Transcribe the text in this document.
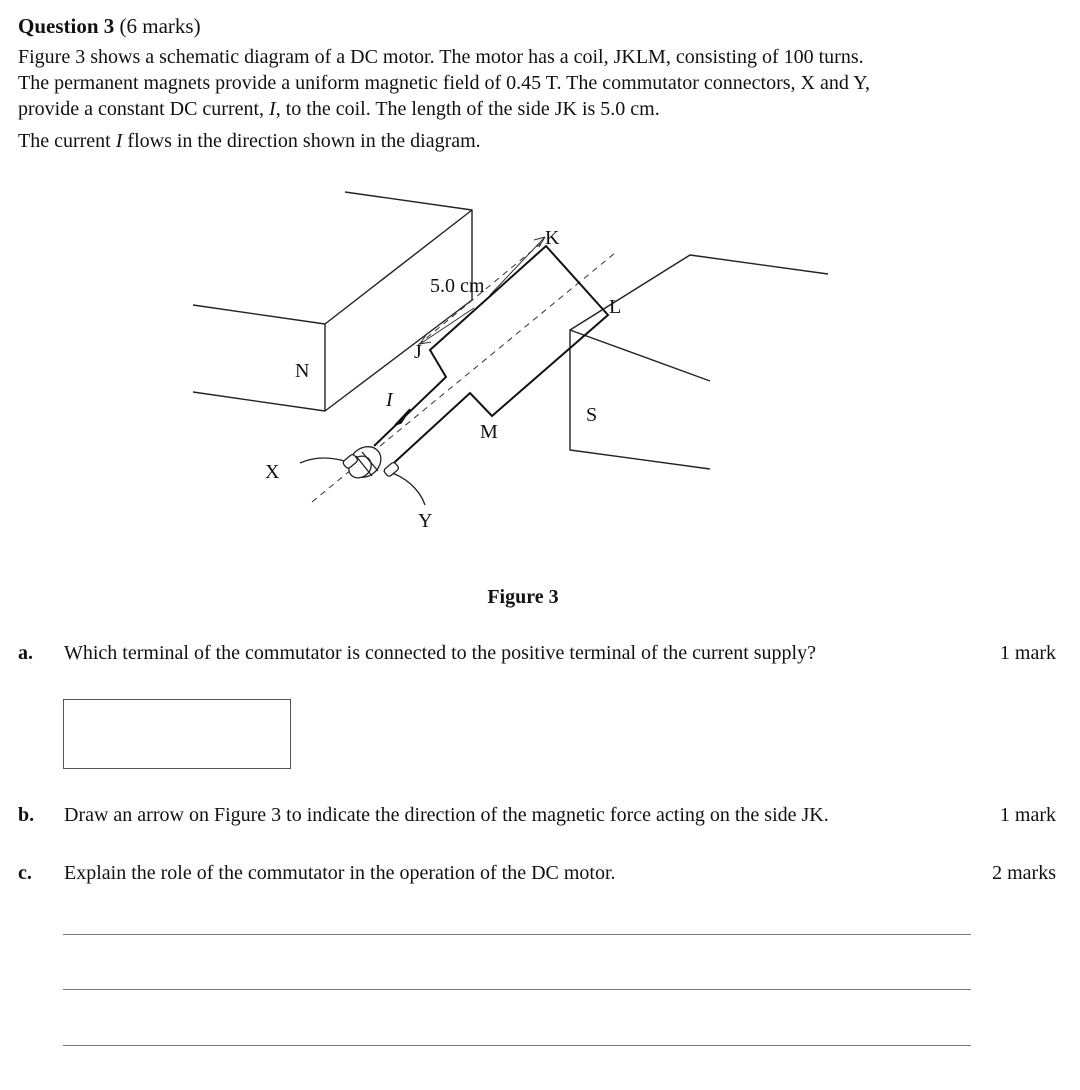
Question 3 (6 marks)

Figure 3 shows a schematic diagram of a DC motor. The motor has a coil, JKLM, consisting of 100 turns.

The permanent magnets provide a uniform magnetic field of 0.45 T. The commutator connectors, X and Y,

provide a constant DC current, I, to the coil. The length of the side JK is 5.0 cm.

The current I flows in the direction shown in the diagram.

N
S
J
K
L
M
X
Y
I
5.0 cm
Figure 3
a. Which terminal of the commutator is connected to the positive terminal of the current supply?	1 mark
b. Draw an arrow on Figure 3 to indicate the direction of the magnetic force acting on the side JK.	1 mark
c. Explain the role of the commutator in the operation of the DC motor.	2 marks
